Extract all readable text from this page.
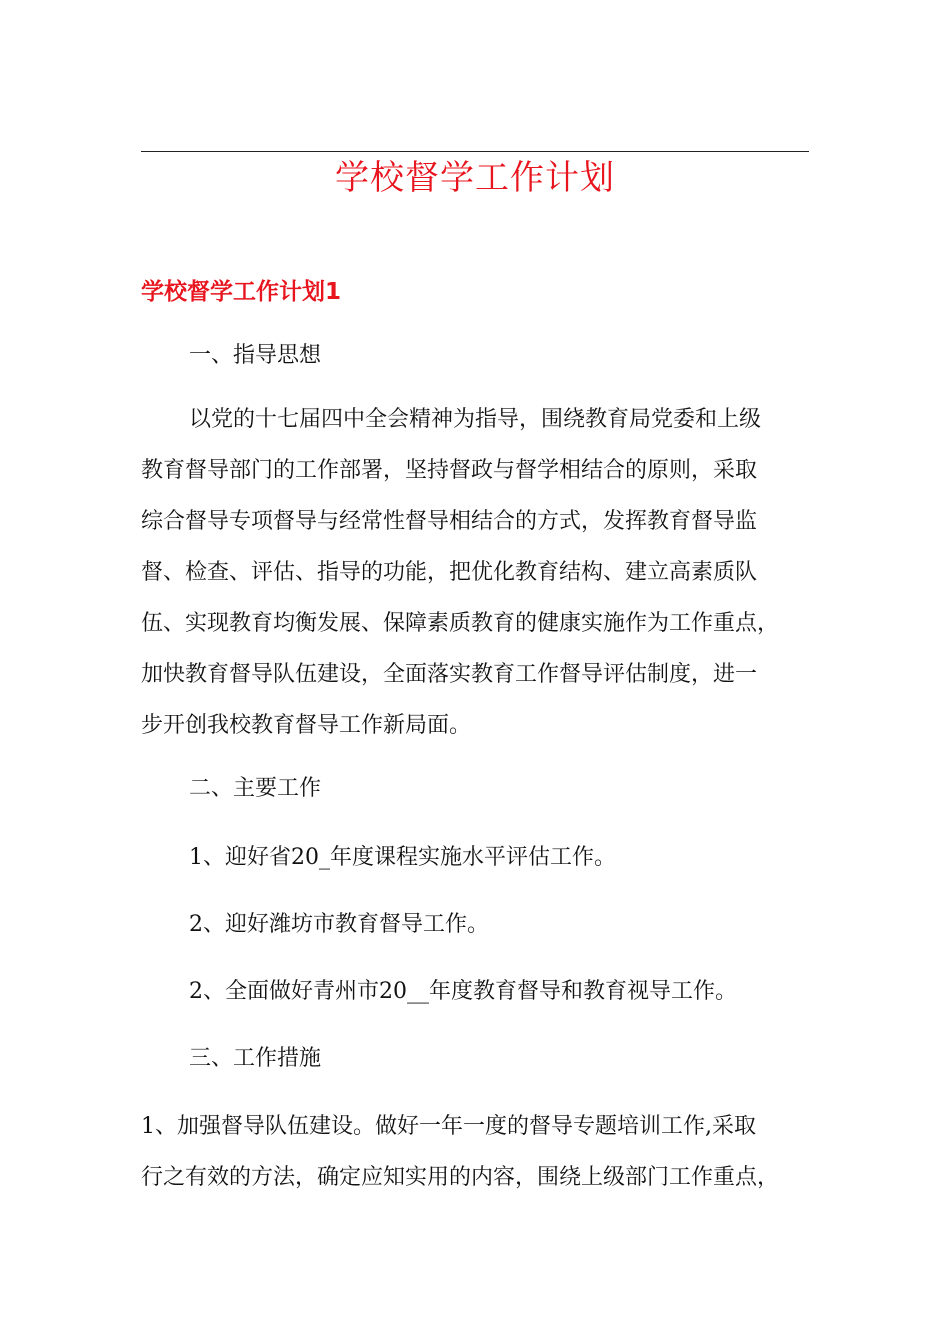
学校督学工作计划
学校督学工作计划1
一、指导思想
以党的十七届四中全会精神为指导，围绕教育局党委和上级
教育督导部门的工作部署，坚持督政与督学相结合的原则，采取
综合督导专项督导与经常性督导相结合的方式，发挥教育督导监
督、检查、评估、指导的功能，把优化教育结构、建立高素质队
伍、实现教育均衡发展、保障素质教育的健康实施作为工作重点，
加快教育督导队伍建设，全面落实教育工作督导评估制度，进一
步开创我校教育督导工作新局面。
二、主要工作
1、迎好省20_年度课程实施水平评估工作。
2、迎好潍坊市教育督导工作。
2、全面做好青州市20__年度教育督导和教育视导工作。
三、工作措施
1、加强督导队伍建设。做好一年一度的督导专题培训工作,采取
行之有效的方法，确定应知实用的内容，围绕上级部门工作重点，
